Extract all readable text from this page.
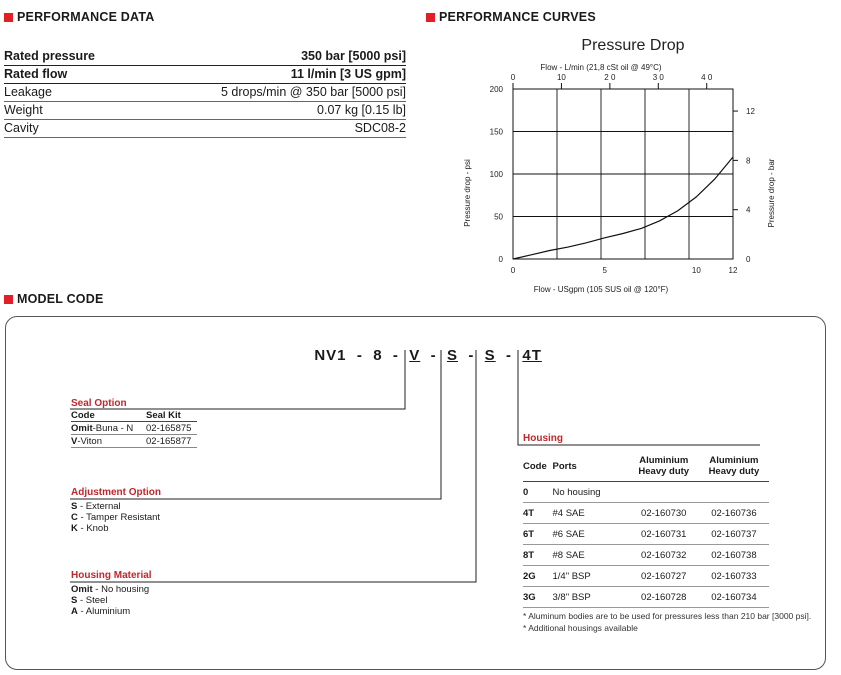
PERFORMANCE DATA
Rated pressure	350 bar [5000 psi]
Rated flow	11 l/min [3 US gpm]
Leakage	5 drops/min @ 350 bar [5000 psi]
Weight	0.07 kg [0.15 lb]
Cavity	SDC08-2
PERFORMANCE CURVES
Pressure Drop
Flow - L/min (21,8 cSt oil @ 49°C)
0	10	2 0	3 0	4 0
0
50
100
150
200
0
4
8
12
0	5	10	12
Flow - USgpm (105 SUS oil @ 120°F)
Pressure drop - psi	Pressure drop - bar
MODEL CODE

NV1 - 8 - V - S - S - 4T

Seal Option
Code	Seal Kit
Omit-Buna - N	02-165875
V-Viton	02-165877
Adjustment Option
S - External
C - Tamper Resistant
K - Knob
Housing Material
Omit - No housing
S - Steel
A - Aluminium
Housing
Code	Ports	Aluminium Heavy duty	Aluminium Heavy duty
0	No housing		
4T	#4 SAE	02-160730	02-160736
6T	#6 SAE	02-160731	02-160737
8T	#8 SAE	02-160732	02-160738
2G	1/4" BSP	02-160727	02-160733
3G	3/8" BSP	02-160728	02-160734
* Aluminum bodies are to be used for pressures less than 210 bar [3000 psi].
* Additional housings available
